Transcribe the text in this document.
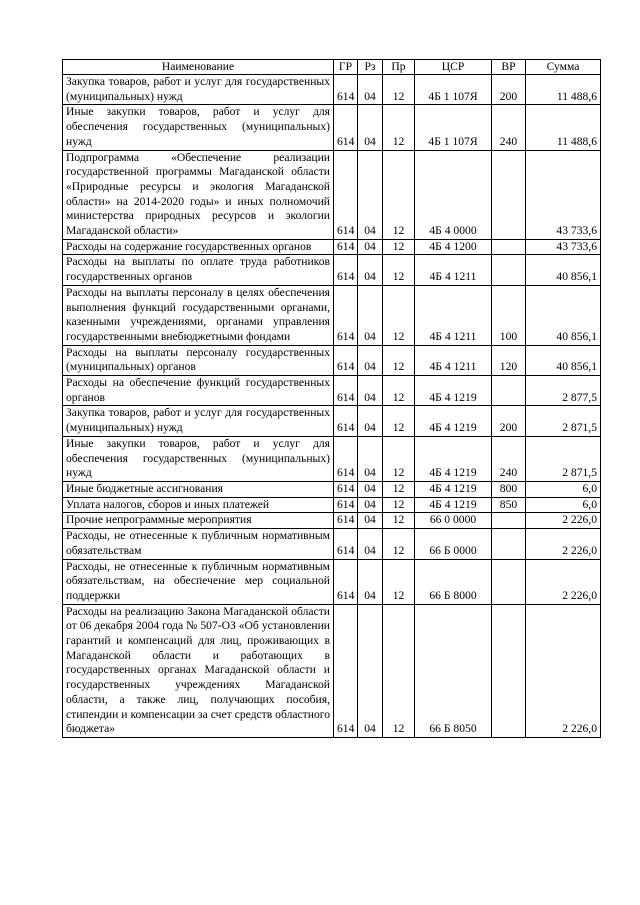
Наименование	ГР	Рз	Пр	ЦСР	ВР	Сумма
Закупка товаров, работ и услуг для государственных (муниципальных) нужд	614	04	12	4Б 1 107Я	200	11 488,6
Иные закупки товаров, работ и услуг для обеспечения государственных (муниципальных) нужд	614	04	12	4Б 1 107Я	240	11 488,6
Подпрограмма «Обеспечение реализации государственной программы Магаданской области «Природные ресурсы и экология Магаданской области» на 2014-2020 годы» и иных полномочий министерства природных ресурсов и экологии Магаданской области»	614	04	12	4Б 4 0000		43 733,6
Расходы на содержание государственных органов	614	04	12	4Б 4 1200		43 733,6
Расходы на выплаты по оплате труда работников государственных органов	614	04	12	4Б 4 1211		40 856,1
Расходы на выплаты персоналу в целях обеспечения выполнения функций государственными органами, казенными учреждениями, органами управления государственными внебюджетными фондами	614	04	12	4Б 4 1211	100	40 856,1
Расходы на выплаты персоналу государственных (муниципальных) органов	614	04	12	4Б 4 1211	120	40 856,1
Расходы на обеспечение функций государственных органов	614	04	12	4Б 4 1219		2 877,5
Закупка товаров, работ и услуг для государственных (муниципальных) нужд	614	04	12	4Б 4 1219	200	2 871,5
Иные закупки товаров, работ и услуг для обеспечения государственных (муниципальных) нужд	614	04	12	4Б 4 1219	240	2 871,5
Иные бюджетные ассигнования	614	04	12	4Б 4 1219	800	6,0
Уплата налогов, сборов и иных платежей	614	04	12	4Б 4 1219	850	6,0
Прочие непрограммные мероприятия	614	04	12	66 0 0000		2 226,0
Расходы, не отнесенные к публичным нормативным обязательствам	614	04	12	66 Б 0000		2 226,0
Расходы, не отнесенные к публичным нормативным обязательствам, на обеспечение мер социальной поддержки	614	04	12	66 Б 8000		2 226,0
Расходы на реализацию Закона Магаданской области от 06 декабря 2004 года № 507-ОЗ «Об установлении гарантий и компенсаций для лиц, проживающих в Магаданской области и работающих в государственных органах Магаданской области и государственных учреждениях Магаданской области, а также лиц, получающих пособия, стипендии и компенсации за счет средств областного бюджета»	614	04	12	66 Б 8050		2 226,0
